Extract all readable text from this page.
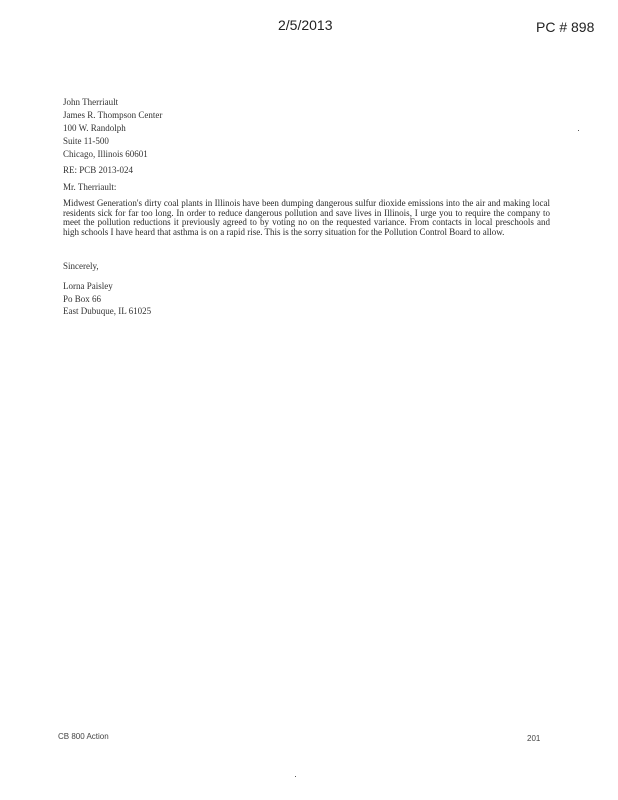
2/5/2013	PC # 898
John Therriault
James R. Thompson Center
100 W. Randolph
Suite 11-500
Chicago, Illinois 60601
RE: PCB 2013-024
Mr. Therriault:
Midwest Generation's dirty coal plants in Illinois have been dumping dangerous sulfur dioxide emissions into the air and making local residents sick for far too long. In order to reduce dangerous pollution and save lives in Illinois, I urge you to require the company to meet the pollution reductions it previously agreed to by voting no on the requested variance. From contacts in local preschools and high schools I have heard that asthma is on a rapid rise. This is the sorry situation for the Pollution Control Board to allow.
Sincerely,
Lorna Paisley
Po Box 66
East Dubuque, IL 61025
CB 800 Action	201
